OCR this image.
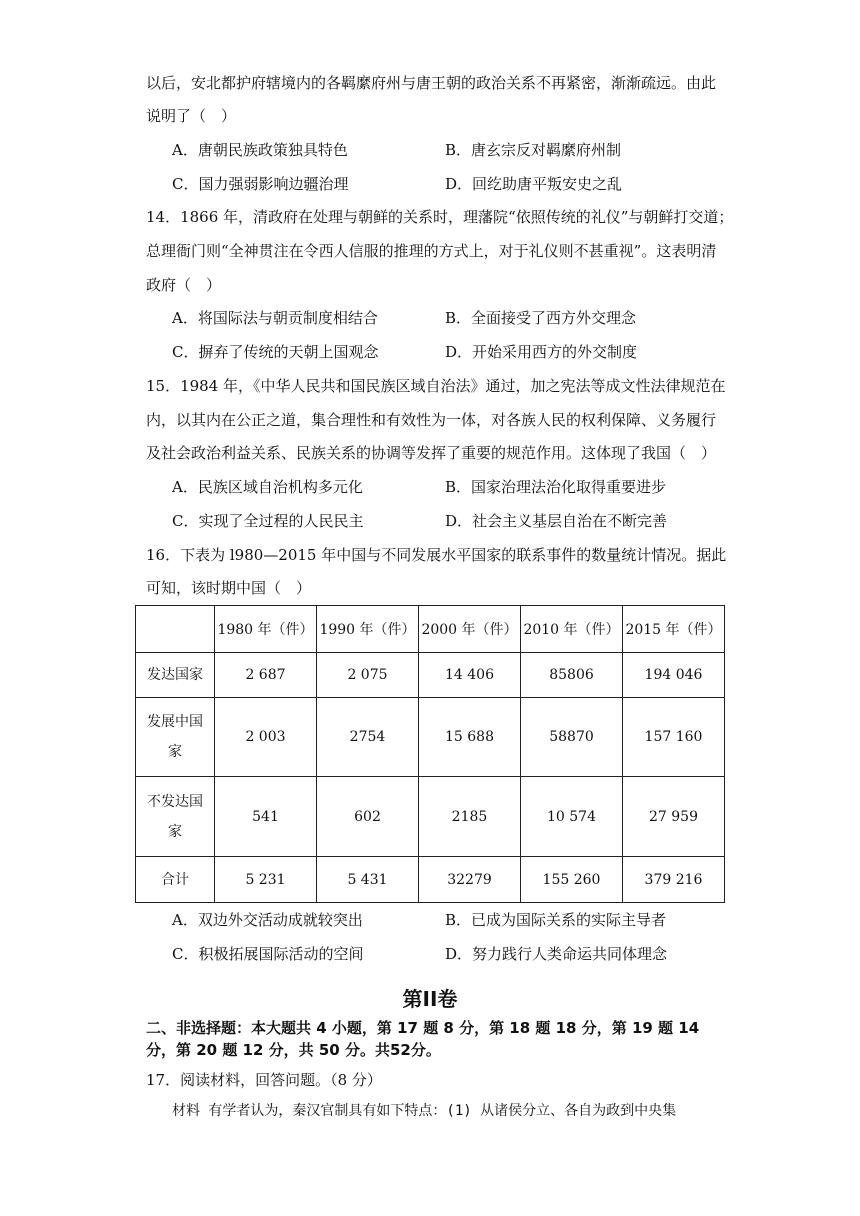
以后，安北都护府辖境内的各羁縻府州与唐王朝的政治关系不再紧密，渐渐疏远。由此
说明了（　）
A．唐朝民族政策独具特色	B．唐玄宗反对羁縻府州制
C．国力强弱影响边疆治理	D．回纥助唐平叛安史之乱
14．1866 年，清政府在处理与朝鲜的关系时，理藩院“依照传统的礼仪”与朝鲜打交道；
总理衙门则“全神贯注在令西人信服的推理的方式上，对于礼仪则不甚重视”。这表明清
政府（　）
A．将国际法与朝贡制度相结合	B．全面接受了西方外交理念
C．摒弃了传统的天朝上国观念	D．开始采用西方的外交制度
15．1984 年，《中华人民共和国民族区域自治法》通过，加之宪法等成文性法律规范在
内，以其内在公正之道，集合理性和有效性为一体，对各族人民的权利保障、义务履行
及社会政治利益关系、民族关系的协调等发挥了重要的规范作用。这体现了我国（　）
A．民族区域自治机构多元化	B．国家治理法治化取得重要进步
C．实现了全过程的人民民主	D．社会主义基层自治在不断完善
16．下表为 l980—2015 年中国与不同发展水平国家的联系事件的数量统计情况。据此
可知，该时期中国（　）
	1980 年（件）	1990 年（件）	2000 年（件）	2010 年（件）	2015 年（件）

发达国家	2 687	2 075	14 406	85806	194 046

发展中国
家	2 003	2754	15 688	58870	157 160

不发达国
家	541	602	2185	10 574	27 959

合计	5 231	5 431	32279	155 260	379 216
A．双边外交活动成就较突出	B．已成为国际关系的实际主导者
C．积极拓展国际活动的空间	D．努力践行人类命运共同体理念
第II卷
二、非选择题：本大题共 4 小题，第 17 题 8 分，第 18 题 18 分，第 19 题 14
分，第 20 题 12 分，共 50 分。共52分。
17．阅读材料，回答问题。（8 分）
材料 有学者认为，秦汉官制具有如下特点：(1) 从诸侯分立、各自为政到中央集
